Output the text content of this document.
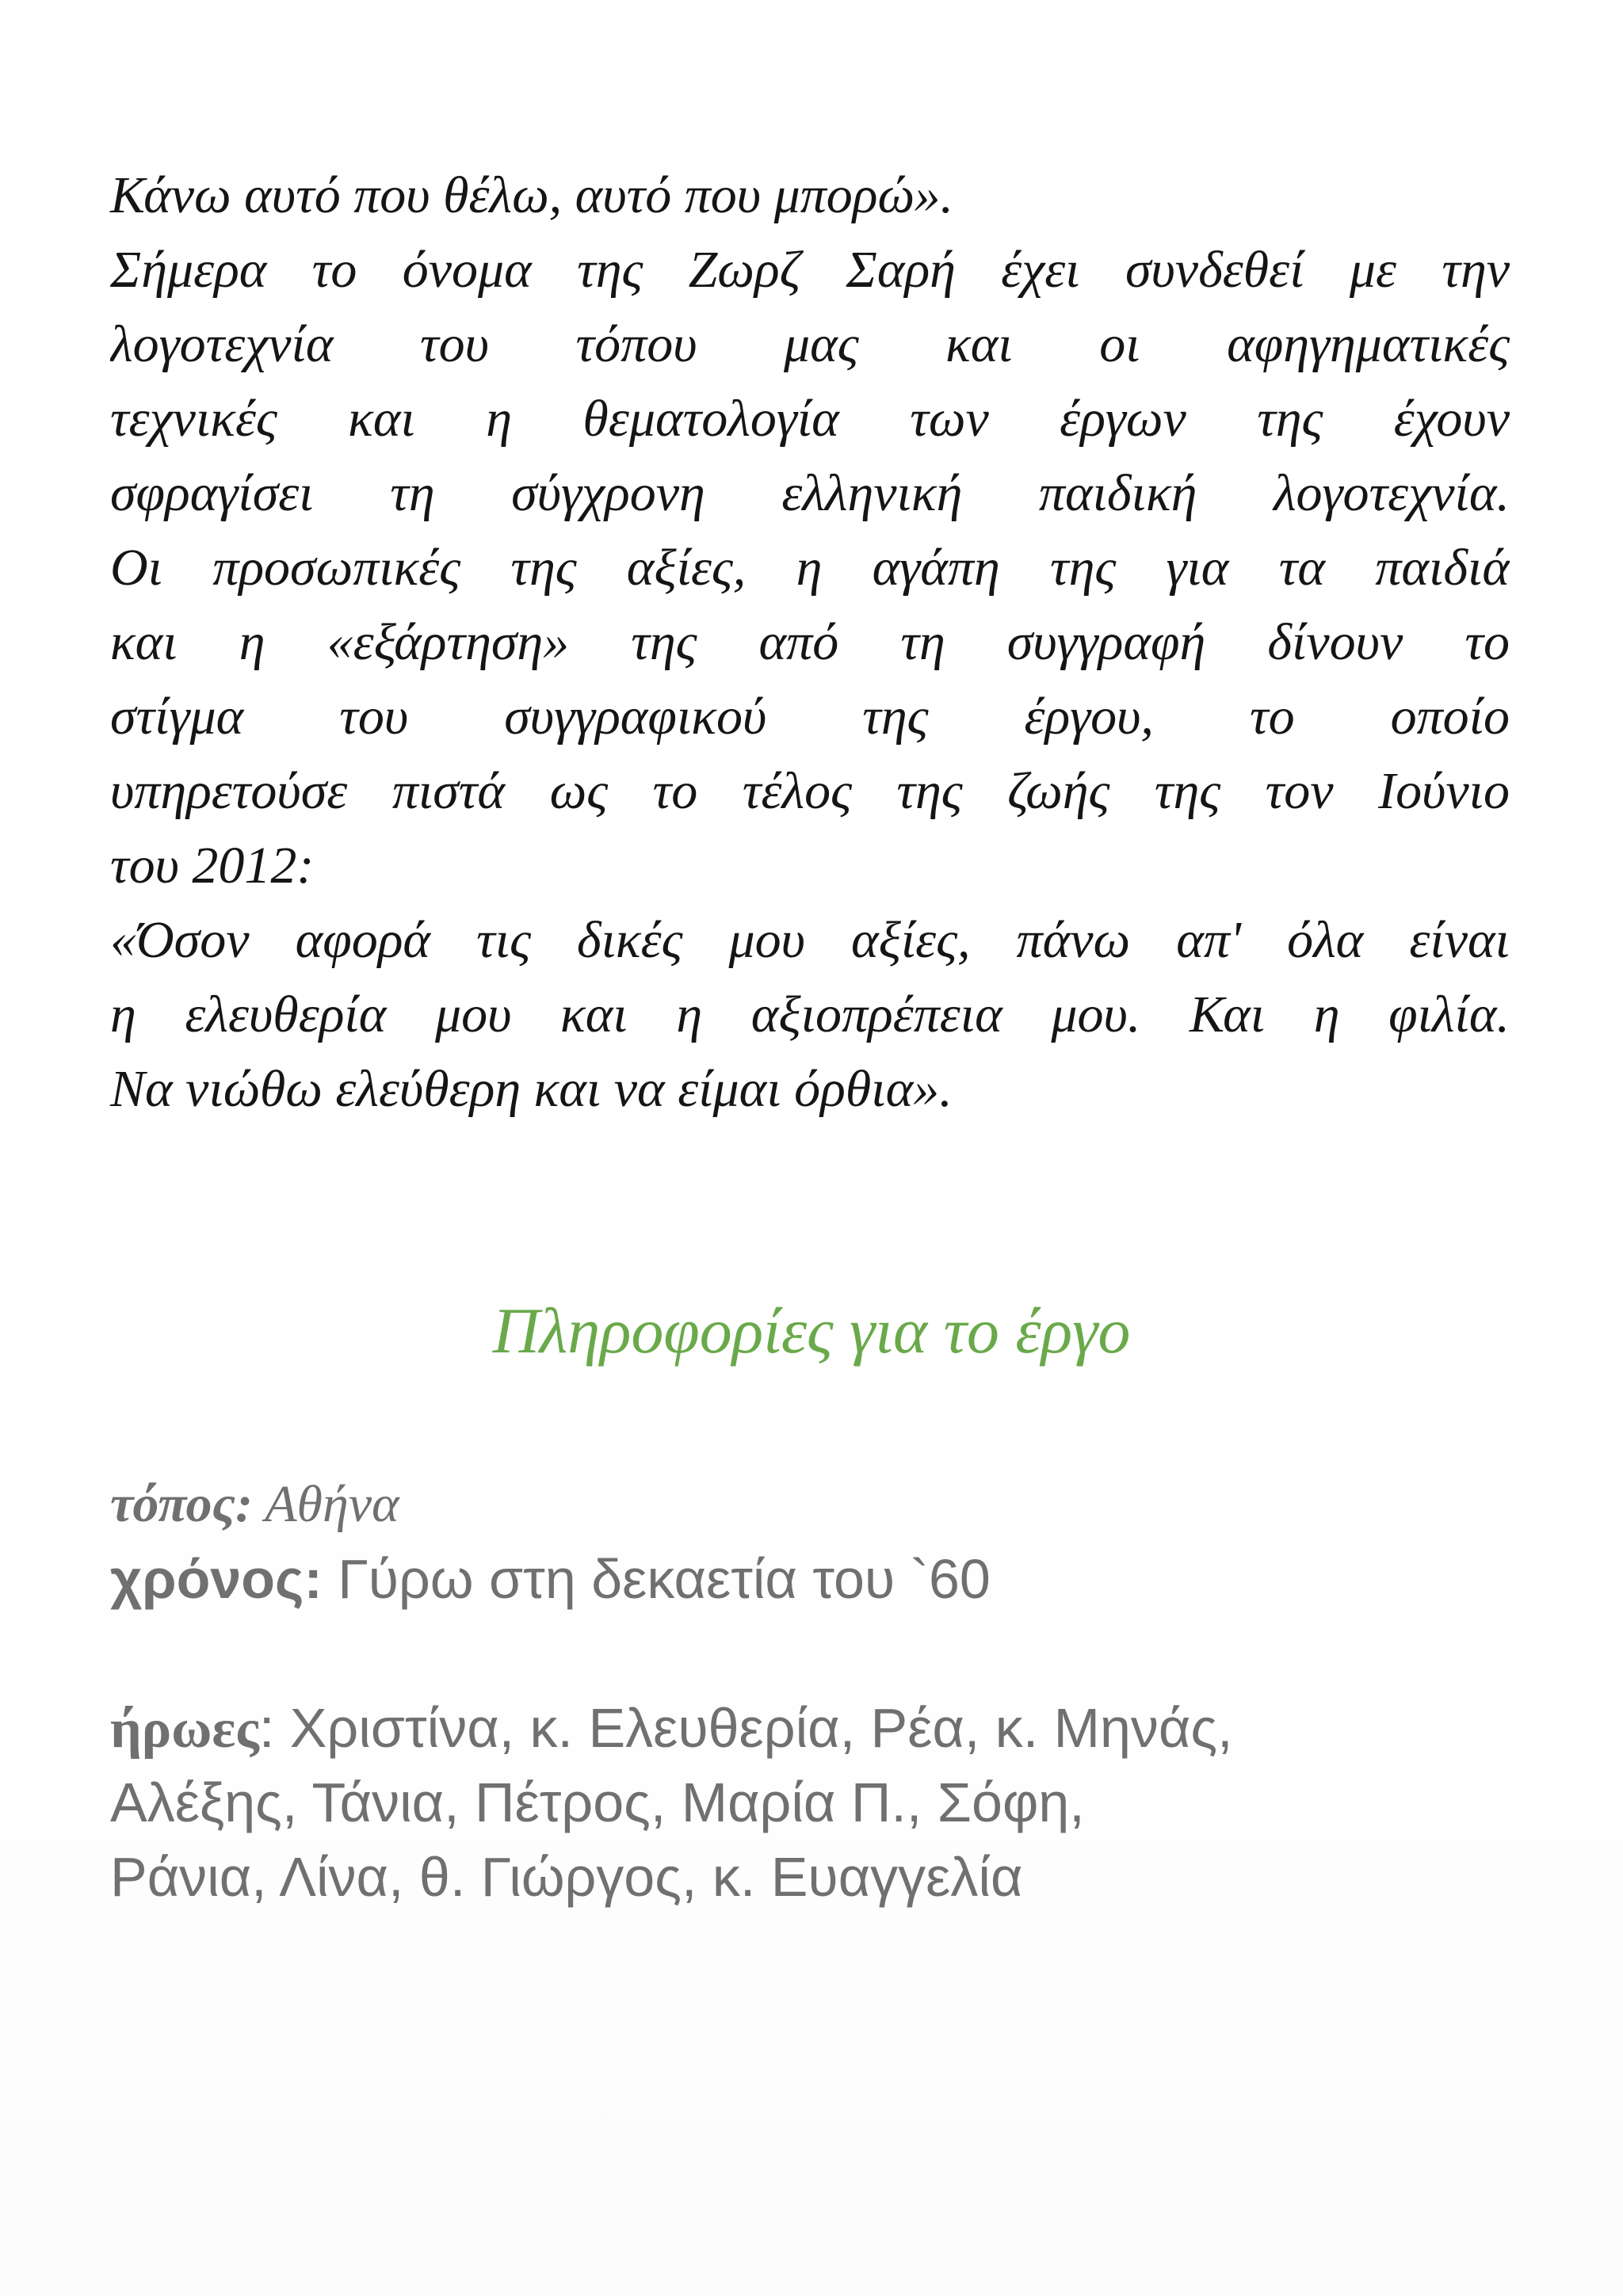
Κάνω αυτό που θέλω, αυτό που μπορώ».
Σήμερα το όνομα της Ζωρζ Σαρή έχει συνδεθεί με την
λογοτεχνία του τόπου μας και οι αφηγηματικές
τεχνικές και η θεματολογία των έργων της έχουν
σφραγίσει τη σύγχρονη ελληνική παιδική λογοτεχνία.
Οι προσωπικές της αξίες, η αγάπη της για τα παιδιά
και η «εξάρτηση» της από τη συγγραφή δίνουν το
στίγμα του συγγραφικού της έργου, το οποίο
υπηρετούσε πιστά ως το τέλος της ζωής της τον Ιούνιο
του 2012:
«Όσον αφορά τις δικές μου αξίες, πάνω απ' όλα είναι
η ελευθερία μου και η αξιοπρέπεια μου. Και η φιλία.
Να νιώθω ελεύθερη και να είμαι όρθια».
Πληροφορίες για το έργο
τόπος: Αθήνα
χρόνος: Γύρω στη δεκαετία του `60
ήρωες: Χριστίνα, κ. Ελευθερία, Ρέα, κ. Μηνάς,
Αλέξης, Τάνια, Πέτρος, Μαρία Π., Σόφη,
Ράνια, Λίνα, θ. Γιώργος, κ. Ευαγγελία
